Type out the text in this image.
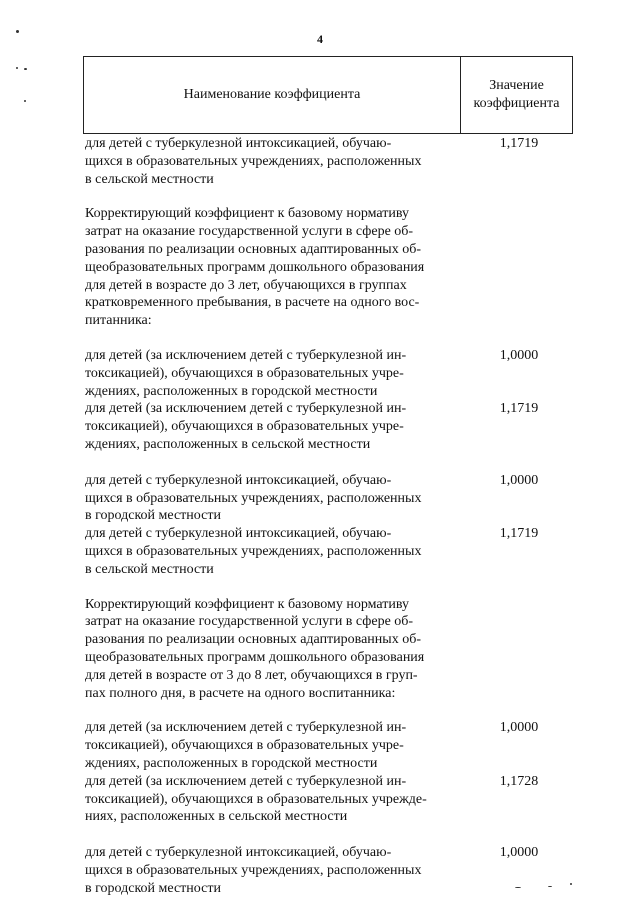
4
Наименование коэффициента
Значение
коэффициента
для детей с туберкулезной интоксикацией, обучаю-
щихся в образовательных учреждениях, расположенных
в сельской местности
1,1719
Корректирующий коэффициент к базовому нормативу
затрат на оказание государственной услуги в сфере об-
разования по реализации основных адаптированных об-
щеобразовательных программ дошкольного образования
для детей в возрасте до 3 лет, обучающихся в группах
кратковременного пребывания, в расчете на одного вос-
питанника:
для детей (за исключением детей с туберкулезной ин-
токсикацией), обучающихся в образовательных учре-
ждениях, расположенных в городской местности
1,0000
для детей (за исключением детей с туберкулезной ин-
токсикацией), обучающихся в образовательных учре-
ждениях, расположенных в сельской местности
1,1719
для детей с туберкулезной интоксикацией, обучаю-
щихся в образовательных учреждениях, расположенных
в городской местности
1,0000
для детей с туберкулезной интоксикацией, обучаю-
щихся в образовательных учреждениях, расположенных
в сельской местности
1,1719
Корректирующий коэффициент к базовому нормативу
затрат на оказание государственной услуги в сфере об-
разования по реализации основных адаптированных об-
щеобразовательных программ дошкольного образования
для детей в возрасте от 3 до 8 лет, обучающихся в груп-
пах полного дня, в расчете на одного воспитанника:
для детей (за исключением детей с туберкулезной ин-
токсикацией), обучающихся в образовательных учре-
ждениях, расположенных в городской местности
1,0000
для детей (за исключением детей с туберкулезной ин-
токсикацией), обучающихся в образовательных учрежде-
ниях, расположенных в сельской местности
1,1728
для детей с туберкулезной интоксикацией, обучаю-
щихся в образовательных учреждениях, расположенных
в городской местности
1,0000
